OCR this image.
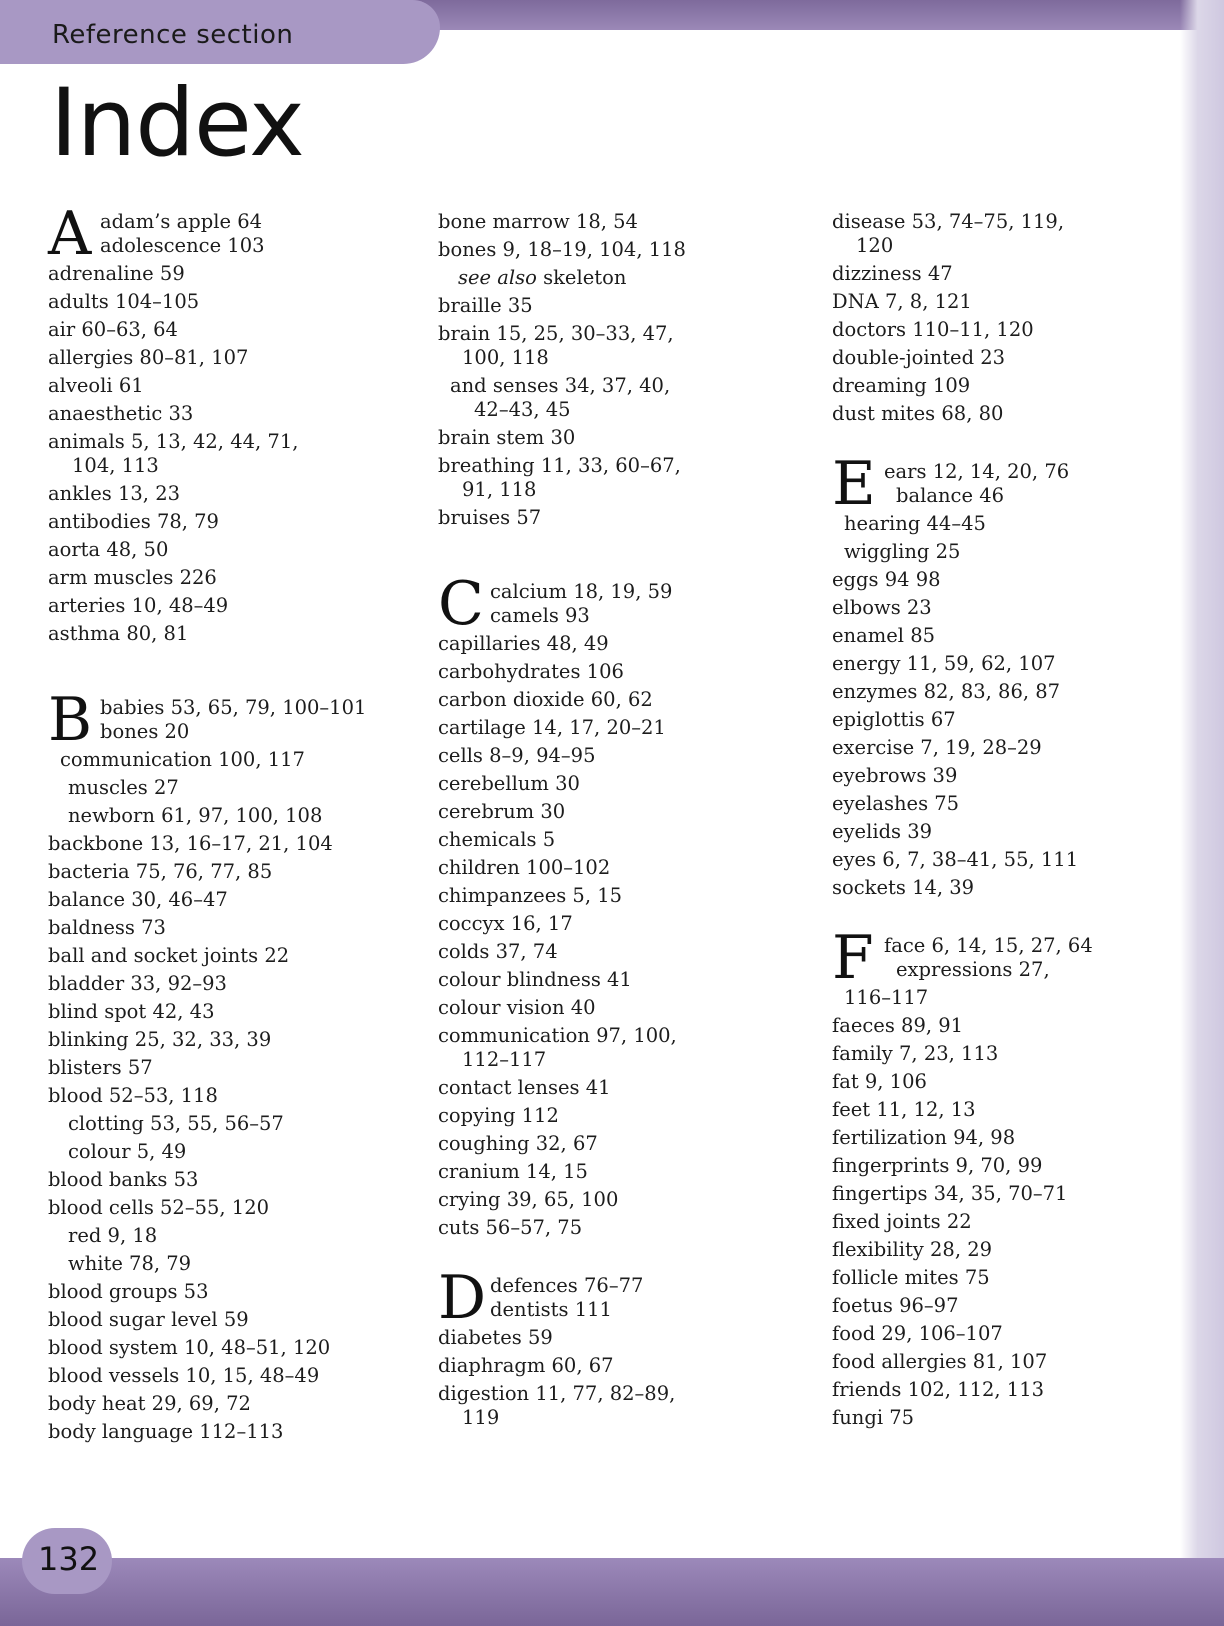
Reference section
Index
A adam’s apple 64
adolescence 103
adrenaline 59
adults 104–105
air 60–63, 64
allergies 80–81, 107
alveoli 61
anaesthetic 33
animals 5, 13, 42, 44, 71,
104, 113
ankles 13, 23
antibodies 78, 79
aorta 48, 50
arm muscles 226
arteries 10, 48–49
asthma 80, 81
B babies 53, 65, 79, 100–101
bones 20
communication 100, 117
muscles 27
newborn 61, 97, 100, 108
backbone 13, 16–17, 21, 104
bacteria 75, 76, 77, 85
balance 30, 46–47
baldness 73
ball and socket joints 22
bladder 33, 92–93
blind spot 42, 43
blinking 25, 32, 33, 39
blisters 57
blood 52–53, 118
clotting 53, 55, 56–57
colour 5, 49
blood banks 53
blood cells 52–55, 120
red 9, 18
white 78, 79
blood groups 53
blood sugar level 59
blood system 10, 48–51, 120
blood vessels 10, 15, 48–49
body heat 29, 69, 72
body language 112–113
bone marrow 18, 54
bones 9, 18–19, 104, 118
see also skeleton
braille 35
brain 15, 25, 30–33, 47,
100, 118
and senses 34, 37, 40,
42–43, 45
brain stem 30
breathing 11, 33, 60–67,
91, 118
bruises 57
C calcium 18, 19, 59
camels 93
capillaries 48, 49
carbohydrates 106
carbon dioxide 60, 62
cartilage 14, 17, 20–21
cells 8–9, 94–95
cerebellum 30
cerebrum 30
chemicals 5
children 100–102
chimpanzees 5, 15
coccyx 16, 17
colds 37, 74
colour blindness 41
colour vision 40
communication 97, 100,
112–117
contact lenses 41
copying 112
coughing 32, 67
cranium 14, 15
crying 39, 65, 100
cuts 56–57, 75
D defences 76–77
dentists 111
diabetes 59
diaphragm 60, 67
digestion 11, 77, 82–89,
119
disease 53, 74–75, 119,
120
dizziness 47
DNA 7, 8, 121
doctors 110–11, 120
double-jointed 23
dreaming 109
dust mites 68, 80
E ears 12, 14, 20, 76
balance 46
hearing 44–45
wiggling 25
eggs 94 98
elbows 23
enamel 85
energy 11, 59, 62, 107
enzymes 82, 83, 86, 87
epiglottis 67
exercise 7, 19, 28–29
eyebrows 39
eyelashes 75
eyelids 39
eyes 6, 7, 38–41, 55, 111
sockets 14, 39
F face 6, 14, 15, 27, 64
expressions 27,
116–117
faeces 89, 91
family 7, 23, 113
fat 9, 106
feet 11, 12, 13
fertilization 94, 98
fingerprints 9, 70, 99
fingertips 34, 35, 70–71
fixed joints 22
flexibility 28, 29
follicle mites 75
foetus 96–97
food 29, 106–107
food allergies 81, 107
friends 102, 112, 113
fungi 75
132
